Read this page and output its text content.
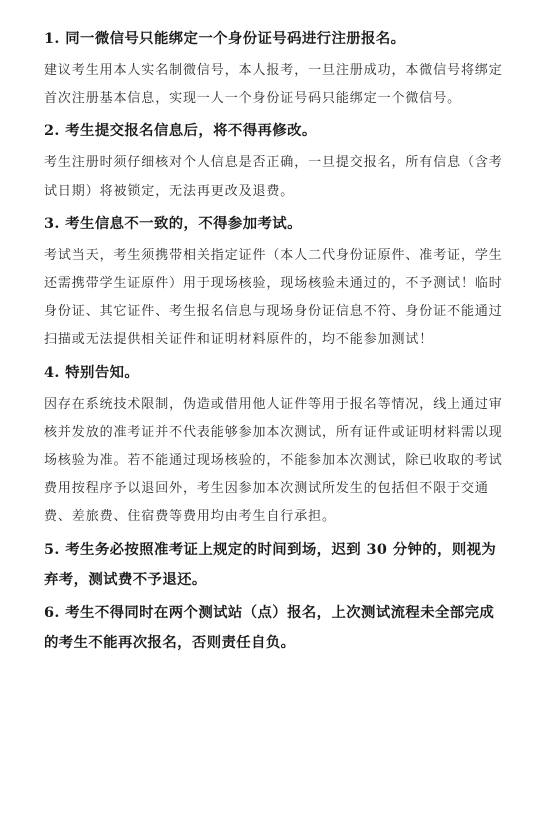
1. 同一微信号只能绑定一个身份证号码进行注册报名。

建议考生用本人实名制微信号，本人报考，一旦注册成功，本微信号将绑定首次注册基本信息，实现一人一个身份证号码只能绑定一个微信号。

2. 考生提交报名信息后，将不得再修改。

考生注册时须仔细核对个人信息是否正确，一旦提交报名，所有信息（含考试日期）将被锁定，无法再更改及退费。

3. 考生信息不一致的，不得参加考试。

考试当天，考生须携带相关指定证件（本人二代身份证原件、准考证，学生还需携带学生证原件）用于现场核验，现场核验未通过的，不予测试！临时身份证、其它证件、考生报名信息与现场身份证信息不符、身份证不能通过扫描或无法提供相关证件和证明材料原件的，均不能参加测试！

4. 特别告知。

因存在系统技术限制，伪造或借用他人证件等用于报名等情况，线上通过审核并发放的准考证并不代表能够参加本次测试，所有证件或证明材料需以现场核验为准。若不能通过现场核验的，不能参加本次测试，除已收取的考试费用按程序予以退回外，考生因参加本次测试所发生的包括但不限于交通费、差旅费、住宿费等费用均由考生自行承担。

5. 考生务必按照准考证上规定的时间到场，迟到 30 分钟的，则视为弃考，测试费不予退还。

6. 考生不得同时在两个测试站（点）报名，上次测试流程未全部完成的考生不能再次报名，否则责任自负。
